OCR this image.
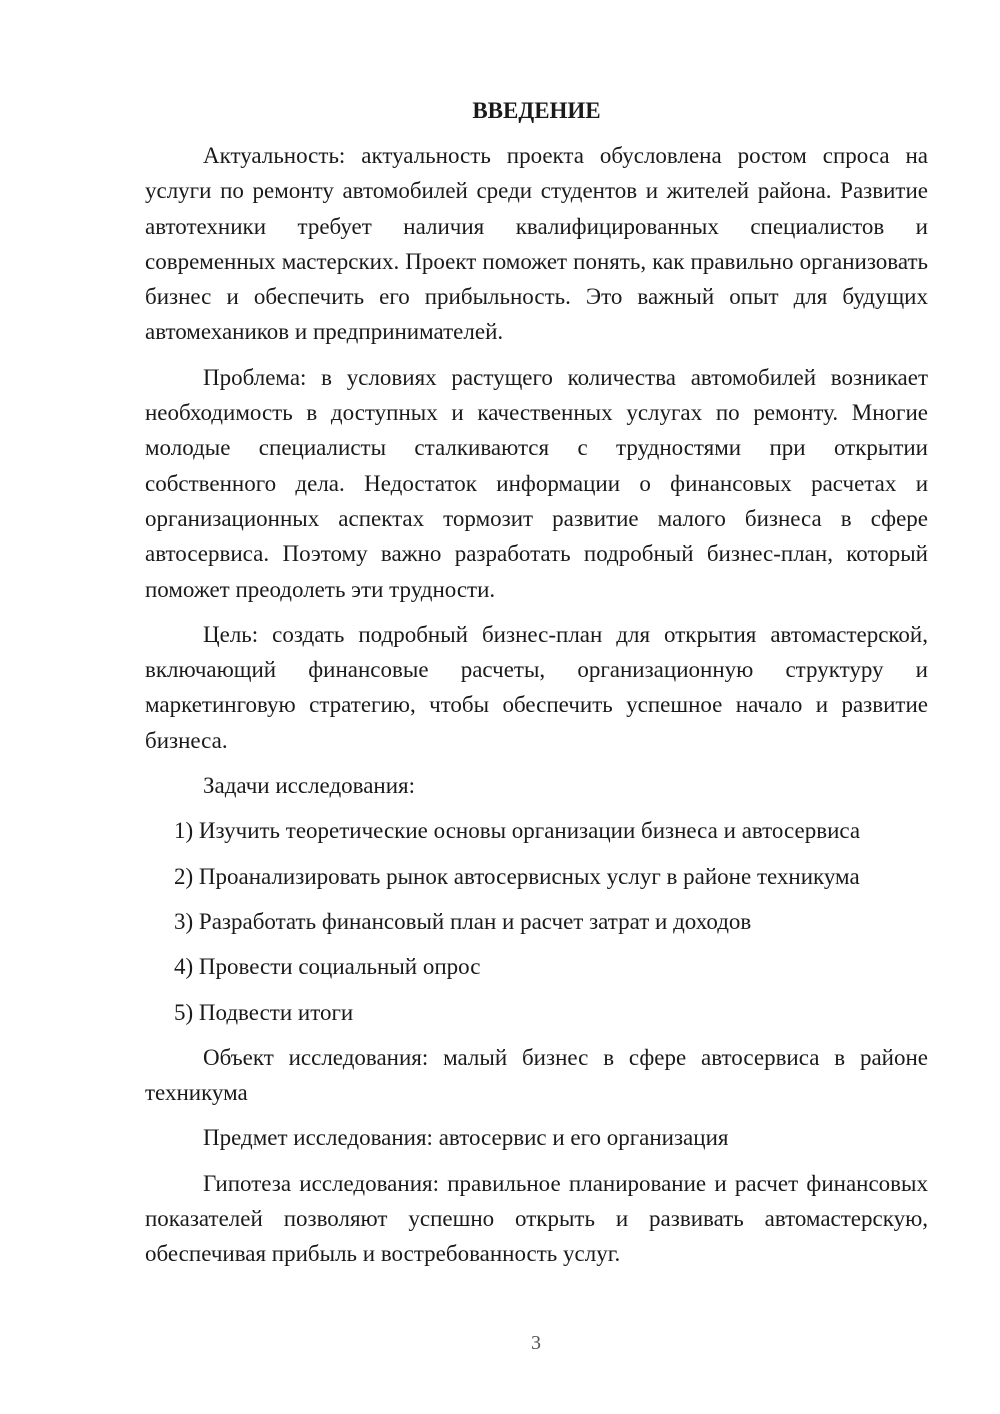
ВВЕДЕНИЕ

Актуальность: актуальность проекта обусловлена ростом спроса на услуги по ремонту автомобилей среди студентов и жителей района. Развитие автотехники требует наличия квалифицированных специалистов и современных мастерских. Проект поможет понять, как правильно организовать бизнес и обеспечить его прибыльность. Это важный опыт для будущих автомехаников и предпринимателей.

Проблема: в условиях растущего количества автомобилей возникает необходимость в доступных и качественных услугах по ремонту. Многие молодые специалисты сталкиваются с трудностями при открытии собственного дела. Недостаток информации о финансовых расчетах и организационных аспектах тормозит развитие малого бизнеса в сфере автосервиса. Поэтому важно разработать подробный бизнес-план, который поможет преодолеть эти трудности.

Цель: создать подробный бизнес-план для открытия автомастерской, включающий финансовые расчеты, организационную структуру и маркетинговую стратегию, чтобы обеспечить успешное начало и развитие бизнеса.

Задачи исследования:

1) Изучить теоретические основы организации бизнеса и автосервиса
2) Проанализировать рынок автосервисных услуг в районе техникума
3) Разработать финансовый план и расчет затрат и доходов
4) Провести социальный опрос
5) Подвести итоги

Объект исследования: малый бизнес в сфере автосервиса в районе техникума

Предмет исследования: автосервис и его организация

Гипотеза исследования: правильное планирование и расчет финансовых показателей позволяют успешно открыть и развивать автомастерскую, обеспечивая прибыль и востребованность услуг.

3
